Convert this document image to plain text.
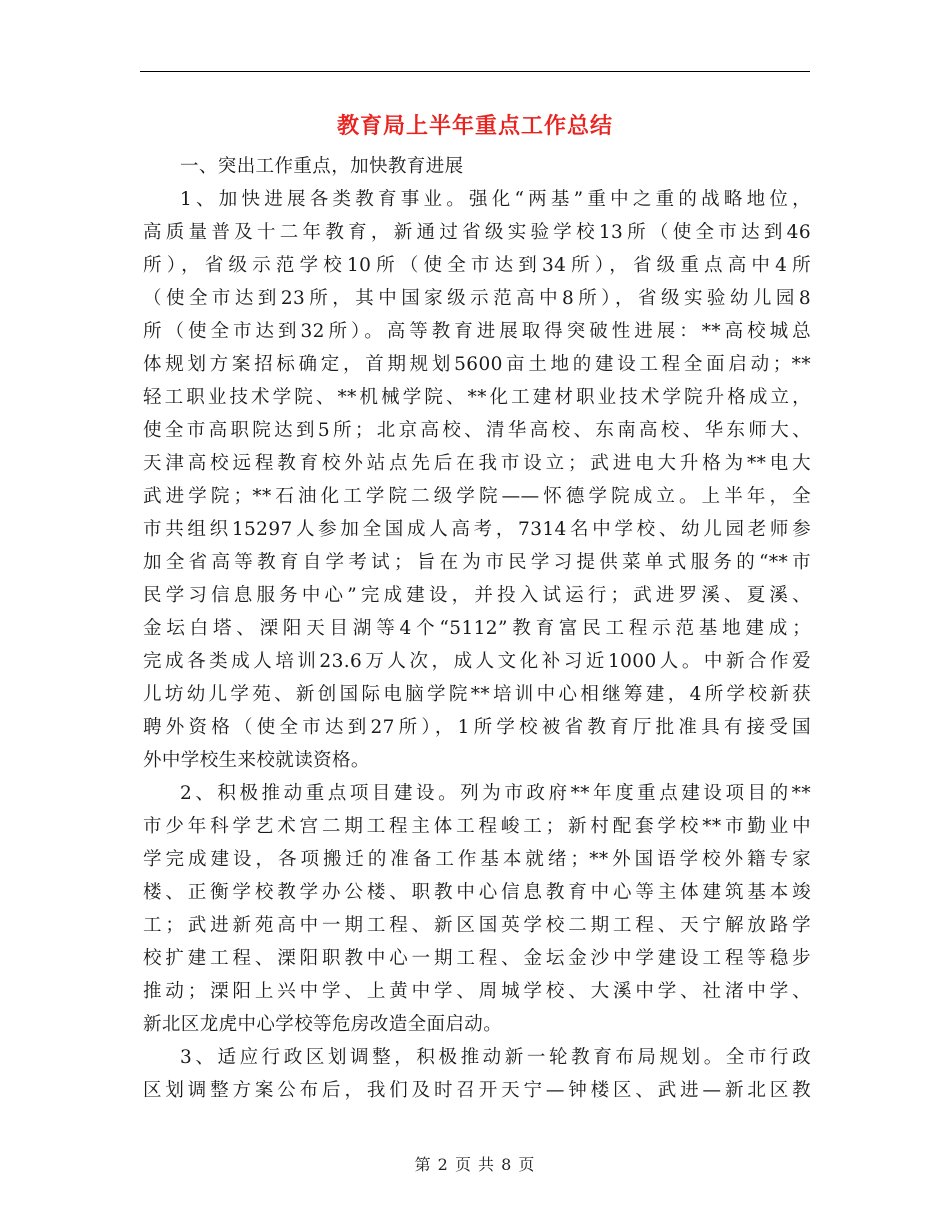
教育局上半年重点工作总结
一、突出工作重点，加快教育进展
1、加快进展各类教育事业。强化“两基”重中之重的战略地位，
高质量普及十二年教育，新通过省级实验学校13所（使全市达到46
所），省级示范学校10所（使全市达到34所），省级重点高中4所
（使全市达到23所，其中国家级示范高中8所），省级实验幼儿园8
所（使全市达到32所）。高等教育进展取得突破性进展：**高校城总
体规划方案招标确定，首期规划5600亩土地的建设工程全面启动；**
轻工职业技术学院、**机械学院、**化工建材职业技术学院升格成立，
使全市高职院达到5所；北京高校、清华高校、东南高校、华东师大、
天津高校远程教育校外站点先后在我市设立；武进电大升格为**电大
武进学院；**石油化工学院二级学院——怀德学院成立。上半年，全
市共组织15297人参加全国成人高考，7314名中学校、幼儿园老师参
加全省高等教育自学考试；旨在为市民学习提供菜单式服务的“**市
民学习信息服务中心”完成建设，并投入试运行；武进罗溪、夏溪、
金坛白塔、溧阳天目湖等4个“5112”教育富民工程示范基地建成；
完成各类成人培训23.6万人次，成人文化补习近1000人。中新合作爱
儿坊幼儿学苑、新创国际电脑学院**培训中心相继筹建，4所学校新获
聘外资格（使全市达到27所），1所学校被省教育厅批准具有接受国
外中学校生来校就读资格。
2、积极推动重点项目建设。列为市政府**年度重点建设项目的**
市少年科学艺术宫二期工程主体工程峻工；新村配套学校**市勤业中
学完成建设，各项搬迁的准备工作基本就绪；**外国语学校外籍专家
楼、正衡学校教学办公楼、职教中心信息教育中心等主体建筑基本竣
工；武进新苑高中一期工程、新区国英学校二期工程、天宁解放路学
校扩建工程、溧阳职教中心一期工程、金坛金沙中学建设工程等稳步
推动；溧阳上兴中学、上黄中学、周城学校、大溪中学、社渚中学、
新北区龙虎中心学校等危房改造全面启动。
3、适应行政区划调整，积极推动新一轮教育布局规划。全市行政
区划调整方案公布后，我们及时召开天宁—钟楼区、武进—新北区教
第 2 页 共 8 页
